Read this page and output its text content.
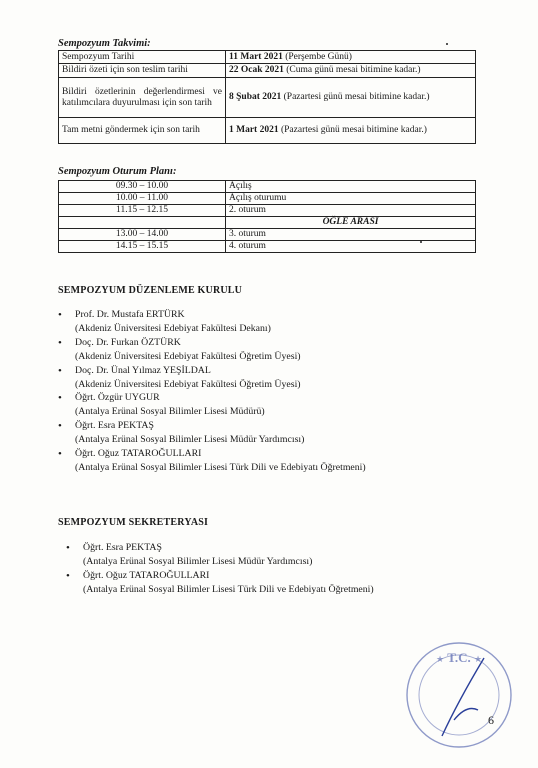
Sempozyum Takvimi:
Sempozyum Tarihi	11 Mart 2021 (Perşembe Günü)
Bildiri özeti için son teslim tarihi	22 Ocak 2021 (Cuma günü mesai bitimine kadar.)
Bildiri özetlerinin değerlendirmesi ve katılımcılara duyurulması için son tarih	8 Şubat 2021 (Pazartesi günü mesai bitimine kadar.)
Tam metni göndermek için son tarih	1 Mart 2021 (Pazartesi günü mesai bitimine kadar.)
Sempozyum Oturum Planı:
09.30 – 10.00	Açılış
10.00 – 11.00	Açılış oturumu
11.15 – 12.15	2. oturum
	ÖĞLE ARASI
13.00 – 14.00	3. oturum
14.15 – 15.15	4. oturum
SEMPOZYUM DÜZENLEME KURULU
• Prof. Dr. Mustafa ERTÜRK
(Akdeniz Üniversitesi Edebiyat Fakültesi Dekanı)
• Doç. Dr. Furkan ÖZTÜRK
(Akdeniz Üniversitesi Edebiyat Fakültesi Öğretim Üyesi)
• Doç. Dr. Ünal Yılmaz YEŞİLDAL
(Akdeniz Üniversitesi Edebiyat Fakültesi Öğretim Üyesi)
• Öğrt. Özgür UYGUR
(Antalya Erünal Sosyal Bilimler Lisesi Müdürü)
• Öğrt. Esra PEKTAŞ
(Antalya Erünal Sosyal Bilimler Lisesi Müdür Yardımcısı)
• Öğrt. Oğuz TATAROĞULLARI
(Antalya Erünal Sosyal Bilimler Lisesi Türk Dili ve Edebiyatı Öğretmeni)
SEMPOZYUM SEKRETERYASI
• Öğrt. Esra PEKTAŞ
(Antalya Erünal Sosyal Bilimler Lisesi Müdür Yardımcısı)
• Öğrt. Oğuz TATAROĞULLARI
(Antalya Erünal Sosyal Bilimler Lisesi Türk Dili ve Edebiyatı Öğretmeni)
T.C.
★	★
6
